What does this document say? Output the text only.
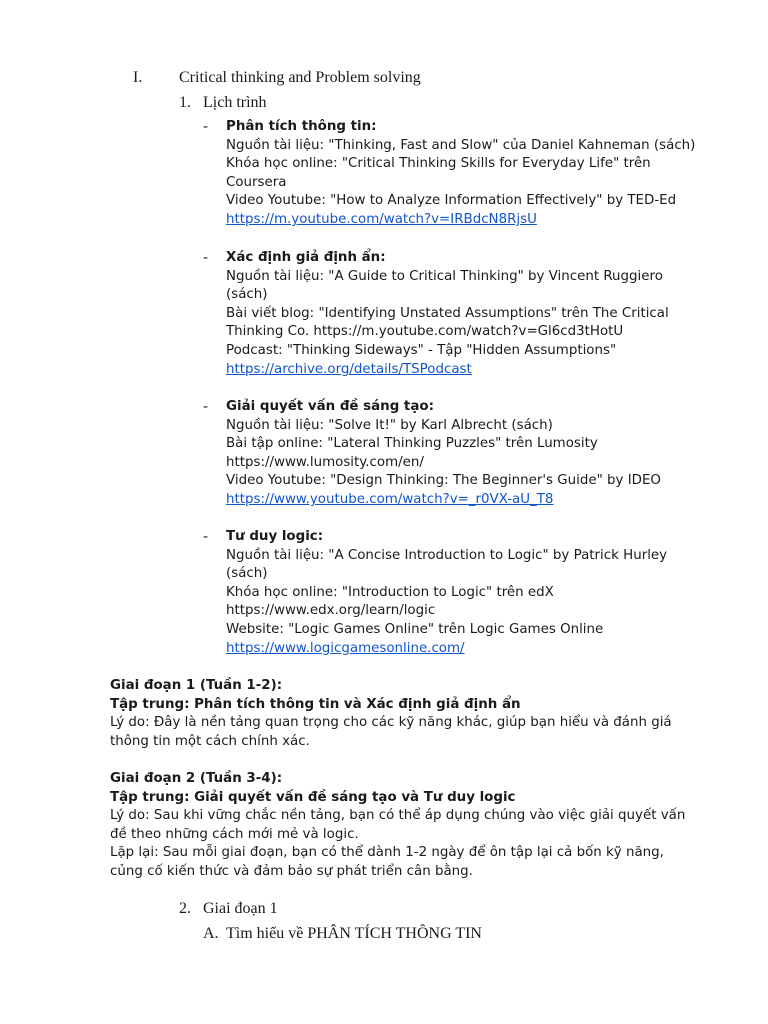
I. Critical thinking and Problem solving
1. Lịch trình
- Phân tích thông tin:
Nguồn tài liệu: "Thinking, Fast and Slow" của Daniel Kahneman (sách)
Khóa học online: "Critical Thinking Skills for Everyday Life" trên
Coursera
Video Youtube: "How to Analyze Information Effectively" by TED-Ed
https://m.youtube.com/watch?v=IRBdcN8RjsU
- Xác định giả định ẩn:
Nguồn tài liệu: "A Guide to Critical Thinking" by Vincent Ruggiero
(sách)
Bài viết blog: "Identifying Unstated Assumptions" trên The Critical
Thinking Co. https://m.youtube.com/watch?v=Gl6cd3tHotU
Podcast: "Thinking Sideways" - Tập "Hidden Assumptions"
https://archive.org/details/TSPodcast
- Giải quyết vấn đề sáng tạo:
Nguồn tài liệu: "Solve It!" by Karl Albrecht (sách)
Bài tập online: "Lateral Thinking Puzzles" trên Lumosity
https://www.lumosity.com/en/
Video Youtube: "Design Thinking: The Beginner's Guide" by IDEO
https://www.youtube.com/watch?v=_r0VX-aU_T8
- Tư duy logic:
Nguồn tài liệu: "A Concise Introduction to Logic" by Patrick Hurley
(sách)
Khóa học online: "Introduction to Logic" trên edX
https://www.edx.org/learn/logic
Website: "Logic Games Online" trên Logic Games Online
https://www.logicgamesonline.com/
Giai đoạn 1 (Tuần 1-2):
Tập trung: Phân tích thông tin và Xác định giả định ẩn
Lý do: Đây là nền tảng quan trọng cho các kỹ năng khác, giúp bạn hiểu và đánh giá
thông tin một cách chính xác.
Giai đoạn 2 (Tuần 3-4):
Tập trung: Giải quyết vấn đề sáng tạo và Tư duy logic
Lý do: Sau khi vững chắc nền tảng, bạn có thể áp dụng chúng vào việc giải quyết vấn
đề theo những cách mới mẻ và logic.
Lặp lại: Sau mỗi giai đoạn, bạn có thể dành 1-2 ngày để ôn tập lại cả bốn kỹ năng,
củng cố kiến thức và đảm bảo sự phát triển cân bằng.
2. Giai đoạn 1
A. Tìm hiểu về PHÂN TÍCH THÔNG TIN
